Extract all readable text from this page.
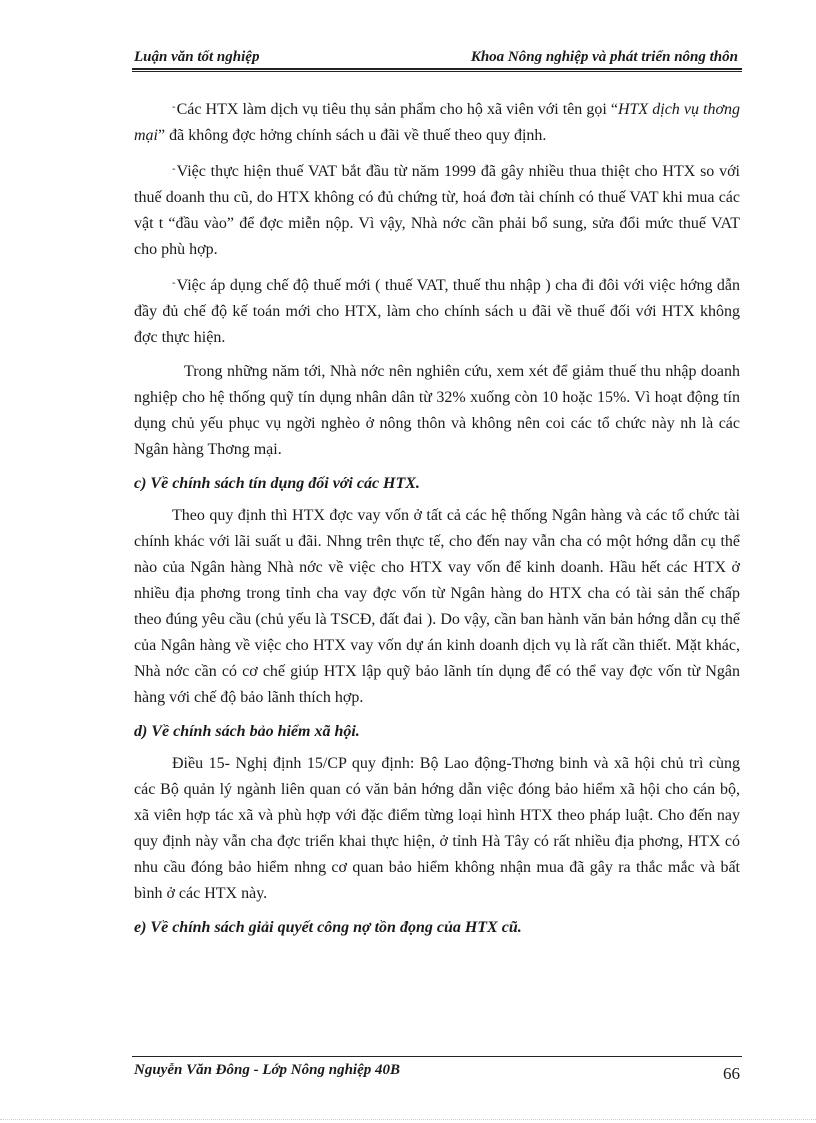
Luận văn tốt nghiệp	Khoa Nông nghiệp và phát triển nông thôn

-Các HTX làm dịch vụ tiêu thụ sản phẩm cho hộ xã viên với tên gọi “HTX dịch vụ thơng mại” đã không đợc hởng chính sách u đãi về thuế theo quy định.

-Việc thực hiện thuế VAT bắt đầu từ năm 1999 đã gây nhiều thua thiệt cho HTX so với thuế doanh thu cũ, do HTX không có đủ chứng từ, hoá đơn tài chính có thuế VAT khi mua các vật t “đầu vào” để đợc miễn nộp. Vì vậy, Nhà nớc cần phải bổ sung, sửa đổi mức thuế VAT cho phù hợp.

-Việc áp dụng chế độ thuế mới ( thuế VAT, thuế thu nhập ) cha đi đôi với việc hớng dẫn đầy đủ chế độ kế toán mới cho HTX, làm cho chính sách u đãi về thuế đối với HTX không đợc thực hiện.

Trong những năm tới, Nhà nớc nên nghiên cứu, xem xét để giảm thuế thu nhập doanh nghiệp cho hệ thống quỹ tín dụng nhân dân từ 32% xuống còn 10 hoặc 15%. Vì hoạt động tín dụng chủ yếu phục vụ ngời nghèo ở nông thôn và không nên coi các tổ chức này nh là các Ngân hàng Thơng mại.

c) Về chính sách tín dụng đối với các HTX.

Theo quy định thì HTX đợc vay vốn ở tất cả các hệ thống Ngân hàng và các tổ chức tài chính khác với lãi suất u đãi. Nhng trên thực tế, cho đến nay vẫn cha có một hớng dẫn cụ thể nào của Ngân hàng Nhà nớc về việc cho HTX vay vốn để kinh doanh. Hầu hết các HTX ở nhiều địa phơng trong tỉnh cha vay đợc vốn từ Ngân hàng do HTX cha có tài sản thế chấp theo đúng yêu cầu (chủ yếu là TSCĐ, đất đai ). Do vậy, cần ban hành văn bản hớng dẫn cụ thể của Ngân hàng về việc cho HTX vay vốn dự án kinh doanh dịch vụ là rất cần thiết. Mặt khác, Nhà nớc cần có cơ chế giúp HTX lập quỹ bảo lãnh tín dụng để có thể vay đợc vốn từ Ngân hàng với chế độ bảo lãnh thích hợp.

d) Về chính sách bảo hiểm xã hội.

Điều 15- Nghị định 15/CP quy định: Bộ Lao động-Thơng binh và xã hội chủ trì cùng các Bộ quản lý ngành liên quan có văn bản hớng dẫn việc đóng bảo hiểm xã hội cho cán bộ, xã viên hợp tác xã và phù hợp với đặc điểm từng loại hình HTX theo pháp luật. Cho đến nay quy định này vẫn cha đợc triển khai thực hiện, ở tỉnh Hà Tây có rất nhiều địa phơng, HTX có nhu cầu đóng bảo hiểm nhng cơ quan bảo hiểm không nhận mua đã gây ra thắc mắc và bất bình ở các HTX này.

e) Về chính sách giải quyết công nợ tồn đọng của HTX cũ.
Nguyễn Văn Đông - Lớp Nông nghiệp 40B	66
